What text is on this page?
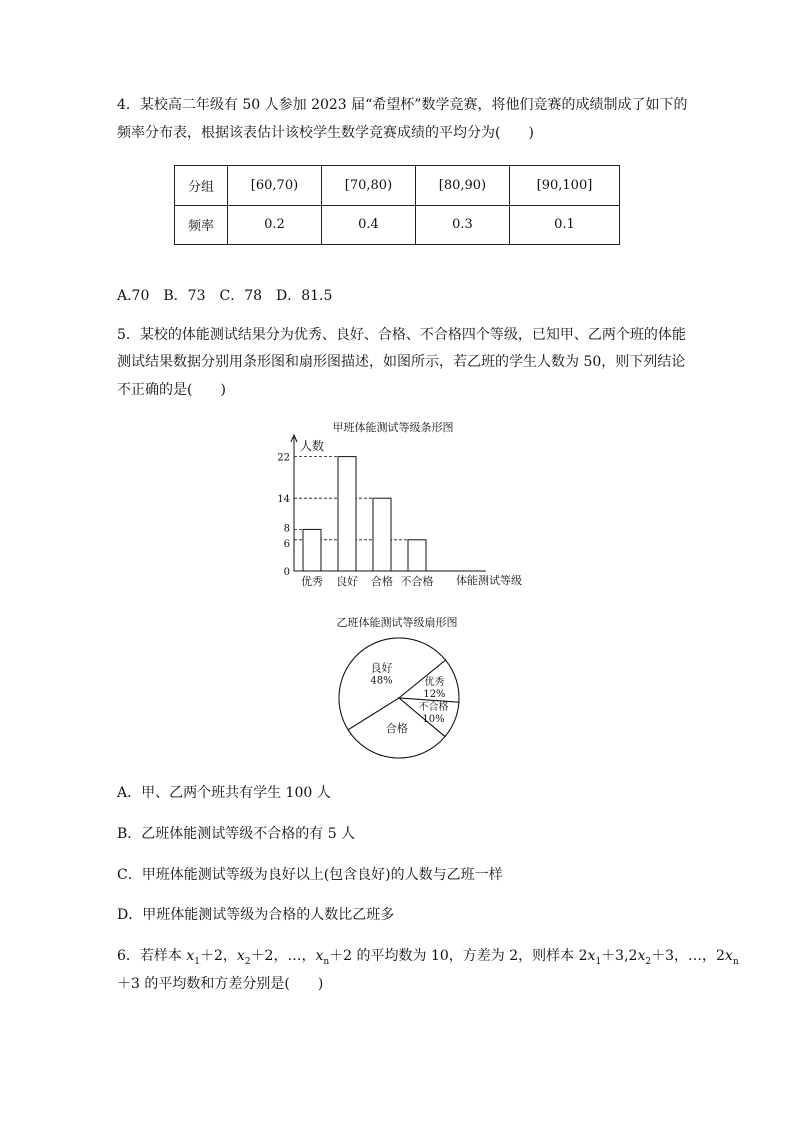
4．某校高二年级有 50 人参加 2023 届“希望杯”数学竞赛，将他们竞赛的成绩制成了如下的
频率分布表，根据该表估计该校学生数学竞赛成绩的平均分为(　　)
分组	[60,70)	[70,80)	[80,90)	[90,100]
频率	0.2	0.4	0.3	0.1
A.70　B．73　C．78　D．81.5
5．某校的体能测试结果分为优秀、良好、合格、不合格四个等级，已知甲、乙两个班的体能
测试结果数据分别用条形图和扇形图描述，如图所示，若乙班的学生人数为 50，则下列结论
不正确的是(　　)
甲班体能测试等级条形图
人数
0
6
8
14
22
优秀 良好 合格 不合格 体能测试等级
乙班体能测试等级扇形图
良好
48%	优秀
12%
不合格
10%
合格
A．甲、乙两个班共有学生 100 人
B．乙班体能测试等级不合格的有 5 人
C．甲班体能测试等级为良好以上(包含良好)的人数与乙班一样
D．甲班体能测试等级为合格的人数比乙班多
6．若样本 $x_1+2$，$x_2+2$，…，$x_n+2$ 的平均数为 10，方差为 2，则样本 $2x_1+3,2x_2+3$，…，$2x_n$
＋3 的平均数和方差分别是(　　)
